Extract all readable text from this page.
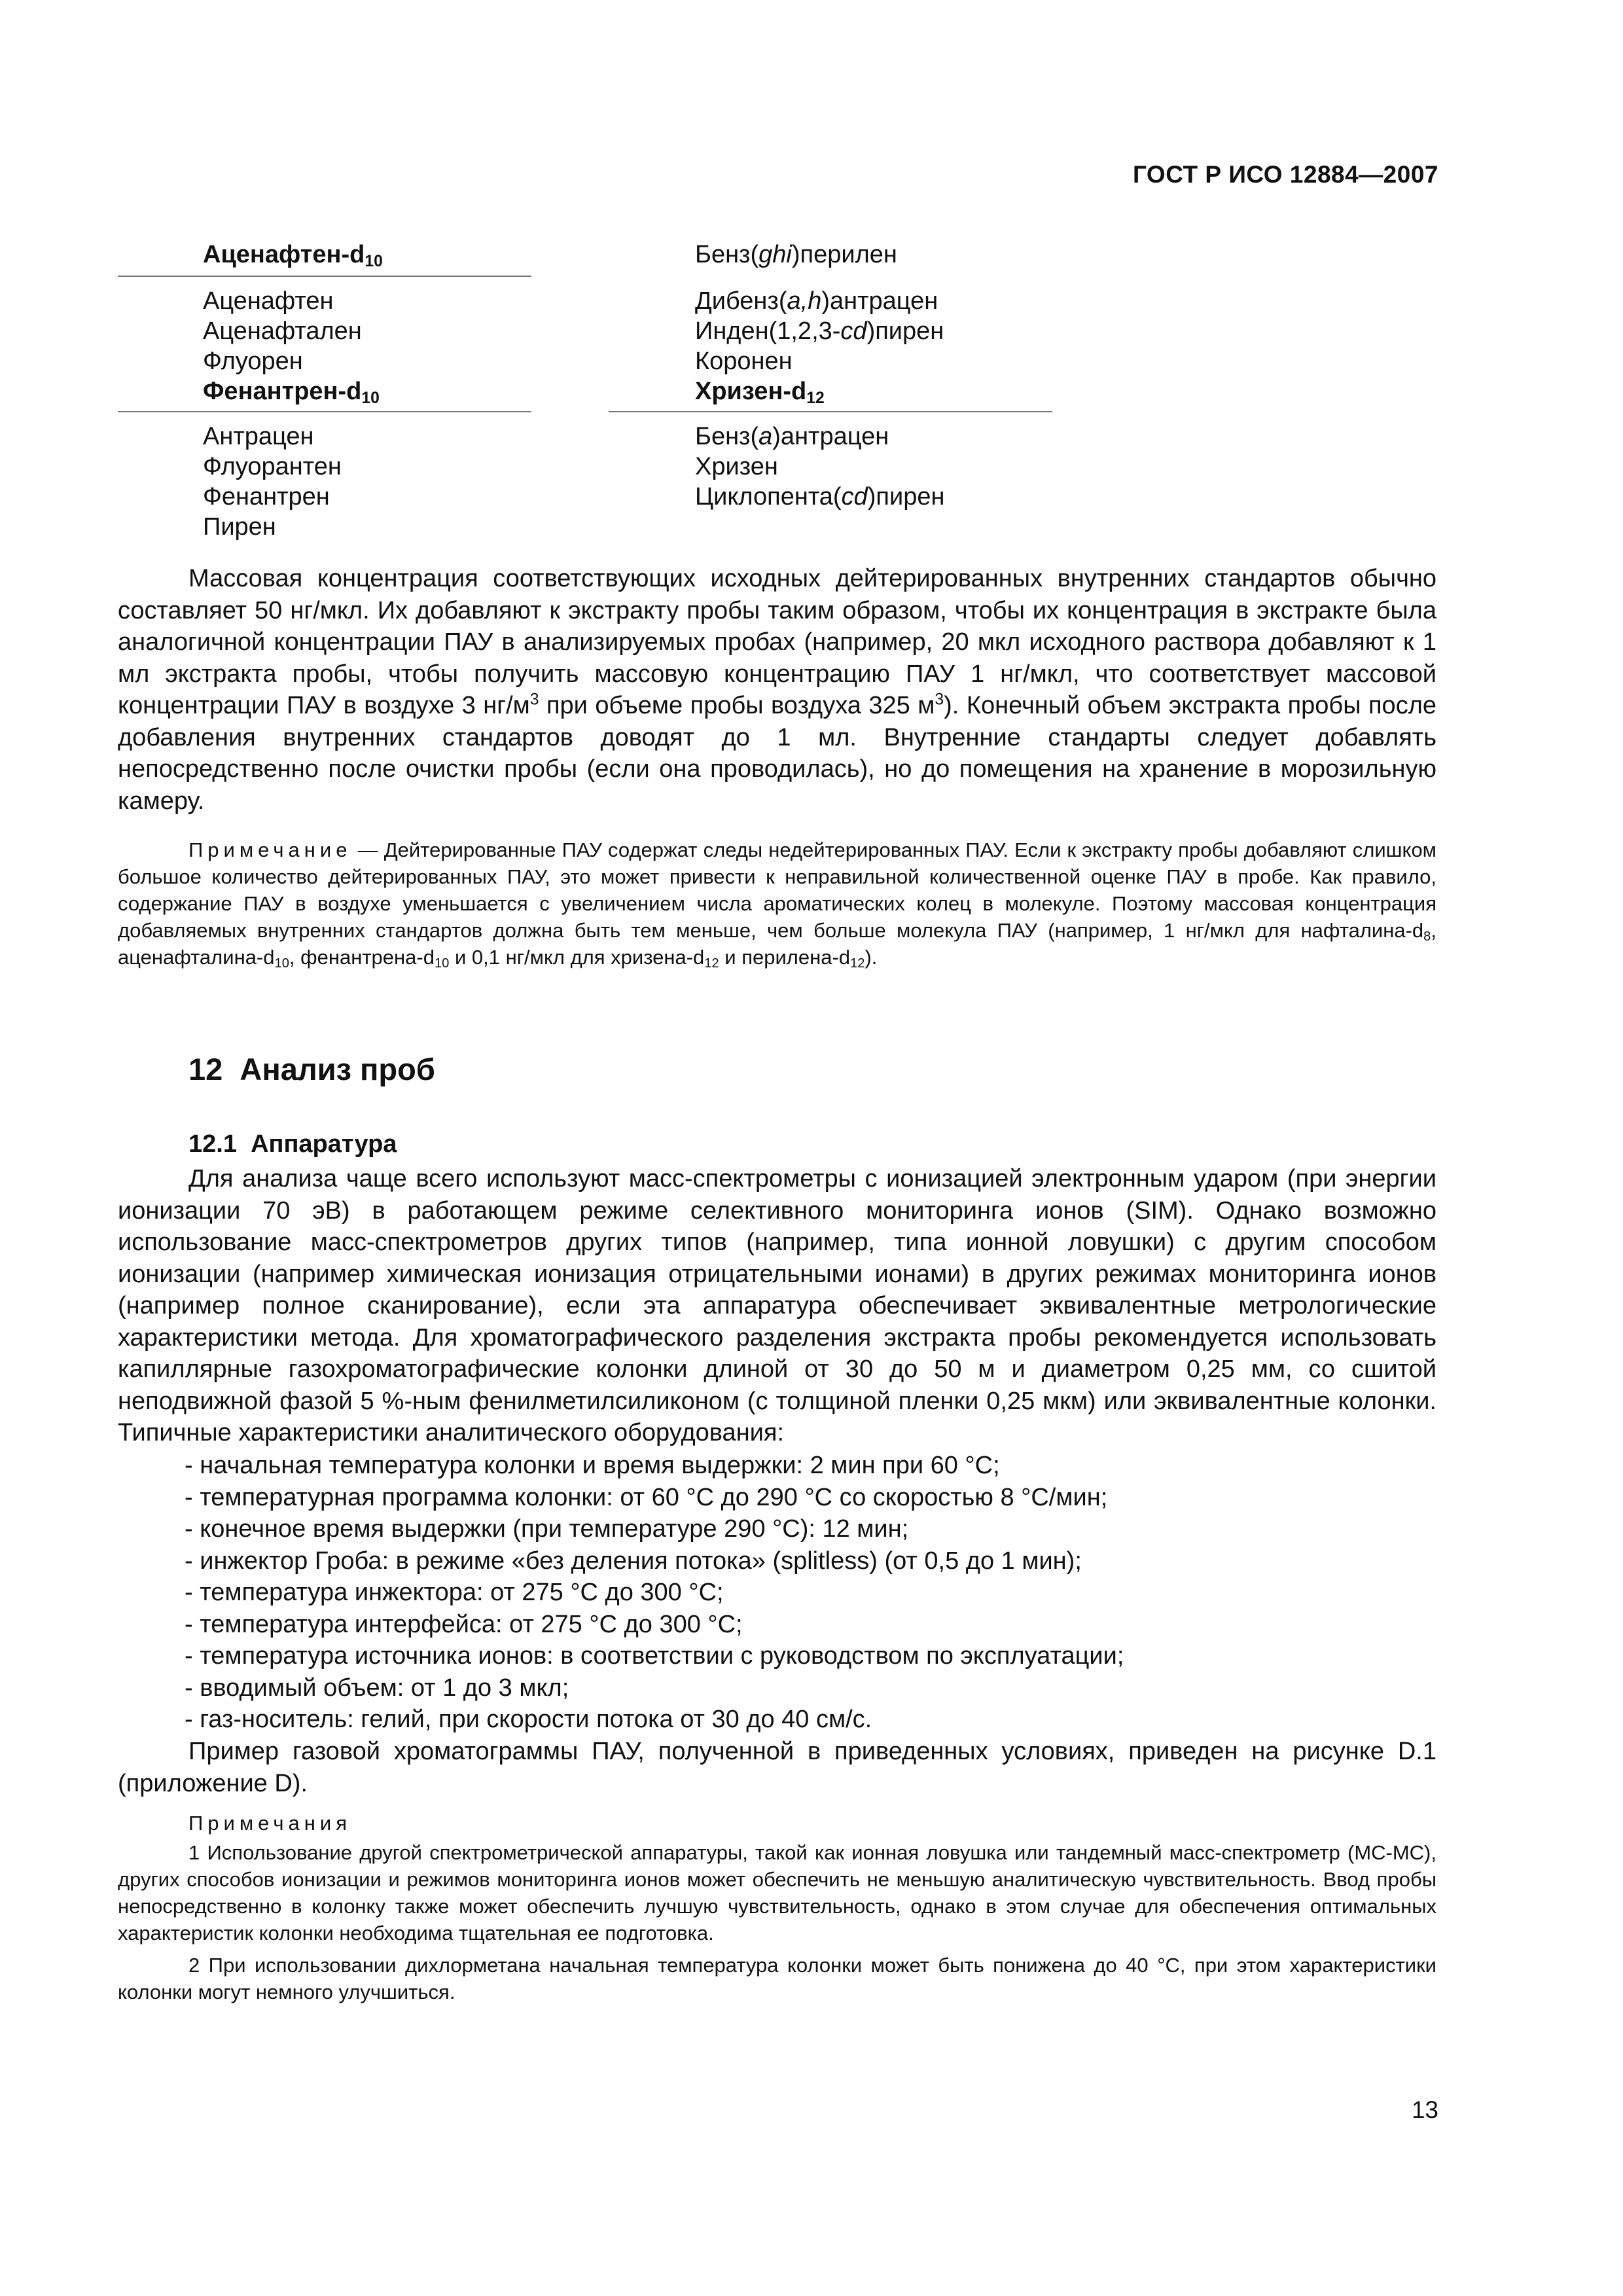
ГОСТ Р ИСО 12884—2007
Аценафтен-$d_{10}$
Аценафтен
Аценафтален
Флуорен
Фенантрен-$d_{10}$
Антрацен
Флуорантен
Фенантрен
Пирен
Бенз(ghi)перилен
Дибенз(a,h)антрацен
Инден(1,2,3-cd)пирен
Коронен
Хризен-$d_{12}$
Бенз(a)антрацен
Хризен
Циклопента(cd)пирен

Массовая концентрация соответствующих исходных дейтерированных внутренних стандартов обычно составляет 50 нг/мкл. Их добавляют к экстракту пробы таким образом, чтобы их концентрация в экстракте была аналогичной концентрации ПАУ в анализируемых пробах (например, 20 мкл исходного раствора добавляют к 1 мл экстракта пробы, чтобы получить массовую концентрацию ПАУ 1 нг/мкл, что соответствует массовой концентрации ПАУ в воздухе 3 $нг/м^3$ при объеме пробы воздуха 325 $м^3$). Конечный объем экстракта пробы после добавления внутренних стандартов доводят до 1 мл. Внутренние стандарты следует добавлять непосредственно после очистки пробы (если она проводилась), но до помещения на хранение в морозильную камеру.

Примечание — Дейтерированные ПАУ содержат следы недейтерированных ПАУ. Если к экстракту пробы добавляют слишком большое количество дейтерированных ПАУ, это может привести к неправильной количественной оценке ПАУ в пробе. Как правило, содержание ПАУ в воздухе уменьшается с увеличением числа ароматических колец в молекуле. Поэтому массовая концентрация добавляемых внутренних стандартов должна быть тем меньше, чем больше молекула ПАУ (например, 1 нг/мкл для нафталина-$d_8$, аценафталина-$d_{10}$, фенантрена-$d_{10}$ и 0,1 нг/мкл для хризена-$d_{12}$ и перилена-$d_{12}$).

12  Анализ проб
12.1  Аппаратура

Для анализа чаще всего используют масс-спектрометры с ионизацией электронным ударом (при энергии ионизации 70 эВ) в работающем режиме селективного мониторинга ионов (SIM). Однако возможно использование масс-спектрометров других типов (например, типа ионной ловушки) с другим способом ионизации (например химическая ионизация отрицательными ионами) в других режимах мониторинга ионов (например полное сканирование), если эта аппаратура обеспечивает эквивалентные метрологические характеристики метода. Для хроматографического разделения экстракта пробы рекомендуется использовать капиллярные газохроматографические колонки длиной от 30 до 50 м и диаметром 0,25 мм, со сшитой неподвижной фазой 5 %-ным фенилметилсиликоном (с толщиной пленки 0,25 мкм) или эквивалентные колонки. Типичные характеристики аналитического оборудования:

- начальная температура колонки и время выдержки: 2 мин при 60 °С;
- температурная программа колонки: от 60 °С до 290 °С со скоростью 8 °С/мин;
- конечное время выдержки (при температуре 290 °С): 12 мин;
- инжектор Гроба: в режиме «без деления потока» (splitless) (от 0,5 до 1 мин);
- температура инжектора: от 275 °С до 300 °С;
- температура интерфейса: от 275 °С до 300 °С;
- температура источника ионов: в соответствии с руководством по эксплуатации;
- вводимый объем: от 1 до 3 мкл;
- газ-носитель: гелий, при скорости потока от 30 до 40 см/с.

Пример газовой хроматограммы ПАУ, полученной в приведенных условиях, приведен на рисунке D.1 (приложение D).

Примечания

1 Использование другой спектрометрической аппаратуры, такой как ионная ловушка или тандемный масс-спектрометр (МС-МС), других способов ионизации и режимов мониторинга ионов может обеспечить не меньшую аналитическую чувствительность. Ввод пробы непосредственно в колонку также может обеспечить лучшую чувствительность, однако в этом случае для обеспечения оптимальных характеристик колонки необходима тщательная ее подготовка.

2 При использовании дихлорметана начальная температура колонки может быть понижена до 40 °С, при этом характеристики колонки могут немного улучшиться.

13
